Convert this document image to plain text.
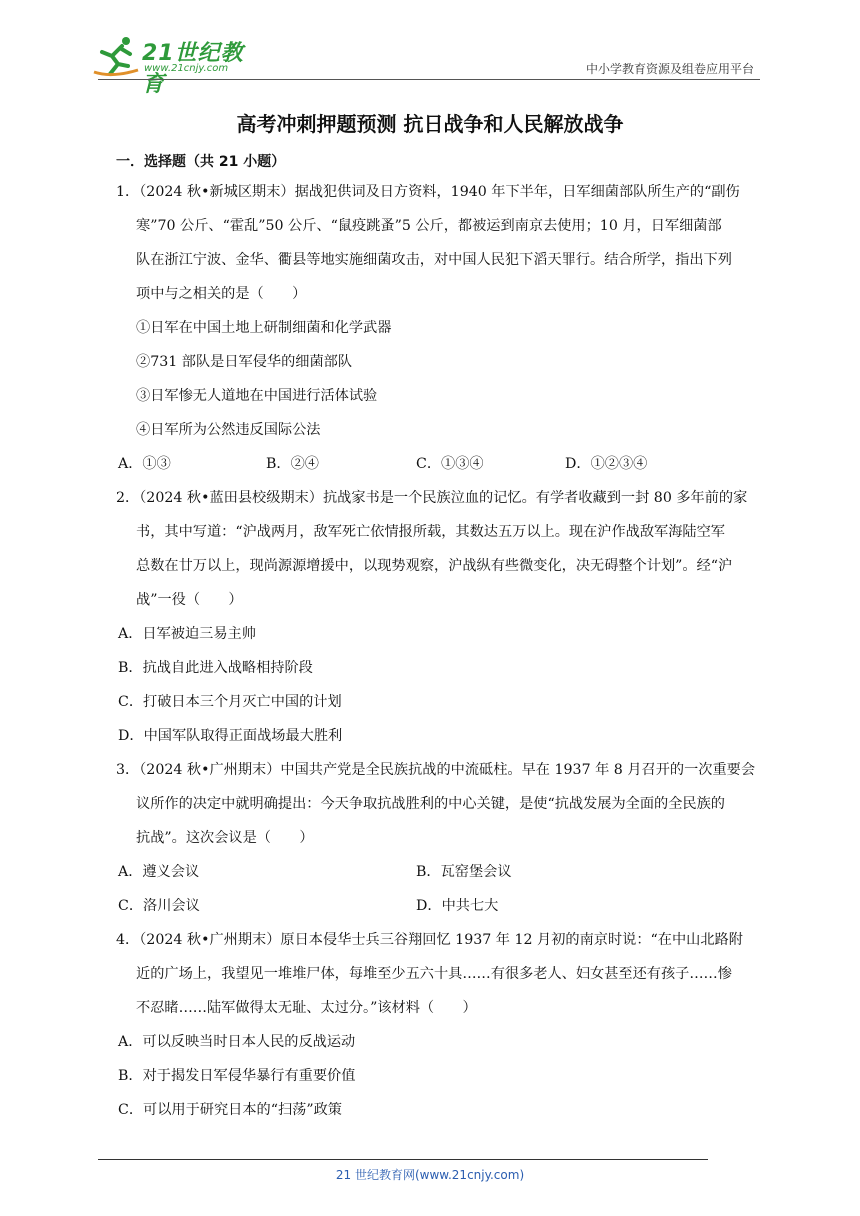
21世纪教育
www.21cnjy.com	中小学教育资源及组卷应用平台
高考冲刺押题预测 抗日战争和人民解放战争
一．选择题（共 21 小题）
1．（2024 秋•新城区期末）据战犯供词及日方资料，1940 年下半年，日军细菌部队所生产的“副伤
寒”70 公斤、“霍乱”50 公斤、“鼠疫跳蚤”5 公斤，都被运到南京去使用；10 月，日军细菌部
队在浙江宁波、金华、衢县等地实施细菌攻击，对中国人民犯下滔天罪行。结合所学，指出下列
项中与之相关的是（　　）
①日军在中国土地上研制细菌和化学武器
②731 部队是日军侵华的细菌部队
③日军惨无人道地在中国进行活体试验
④日军所为公然违反国际公法
A．①③	B．②④	C．①③④	D．①②③④
2．（2024 秋•蓝田县校级期末）抗战家书是一个民族泣血的记忆。有学者收藏到一封 80 多年前的家
书，其中写道：“沪战两月，敌军死亡依情报所载，其数达五万以上。现在沪作战敌军海陆空军
总数在廿万以上，现尚源源增援中，以现势观察，沪战纵有些微变化，决无碍整个计划”。经“沪
战”一役（　　）
A．日军被迫三易主帅
B．抗战自此进入战略相持阶段
C．打破日本三个月灭亡中国的计划
D．中国军队取得正面战场最大胜利
3．（2024 秋•广州期末）中国共产党是全民族抗战的中流砥柱。早在 1937 年 8 月召开的一次重要会
议所作的决定中就明确提出：今天争取抗战胜利的中心关键，是使“抗战发展为全面的全民族的
抗战”。这次会议是（　　）
A．遵义会议	B．瓦窑堡会议
C．洛川会议	D．中共七大
4．（2024 秋•广州期末）原日本侵华士兵三谷翔回忆 1937 年 12 月初的南京时说：“在中山北路附
近的广场上，我望见一堆堆尸体，每堆至少五六十具……有很多老人、妇女甚至还有孩子……惨
不忍睹……陆军做得太无耻、太过分。”该材料（　　）
A．可以反映当时日本人民的反战运动
B．对于揭发日军侵华暴行有重要价值
C．可以用于研究日本的“扫荡”政策
21 世纪教育网(www.21cnjy.com)
